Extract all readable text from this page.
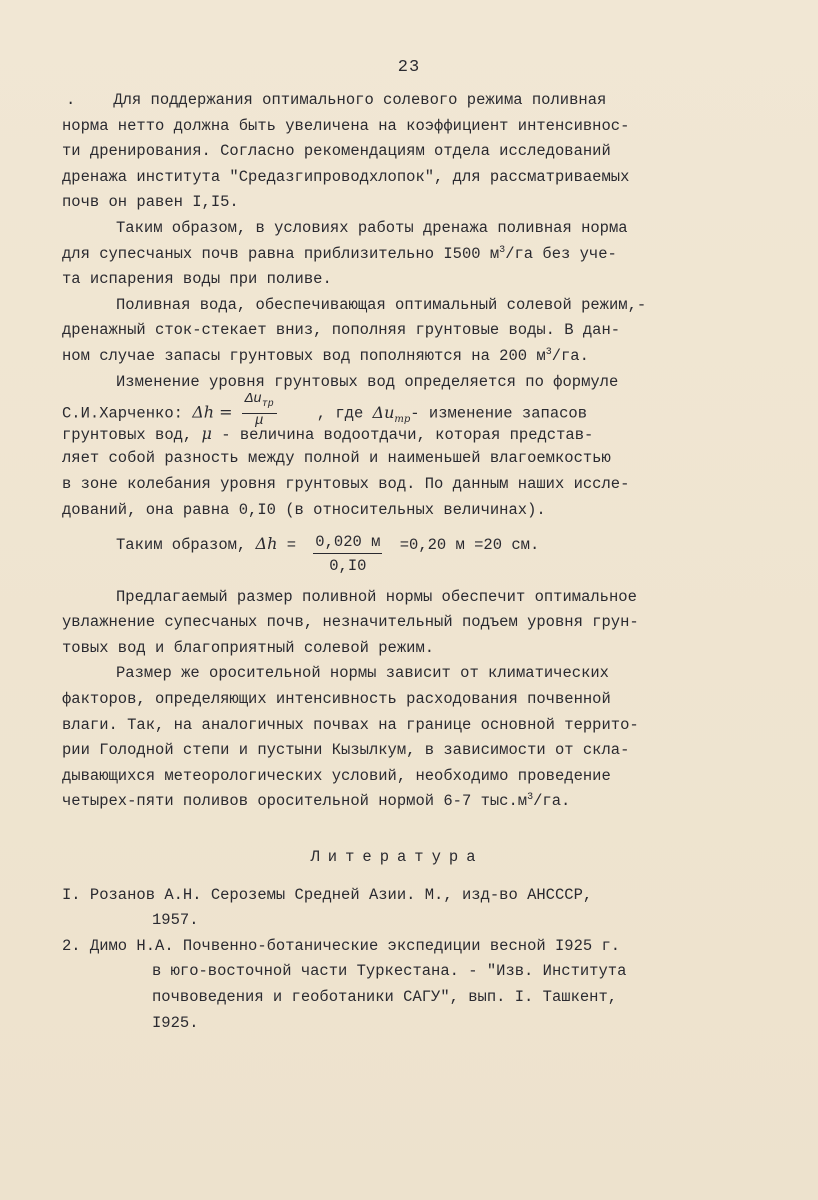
23
. Для поддержания оптимального солевого режима поливная
норма нетто должна быть увеличена на коэффициент интенсивнос-
ти дренирования. Согласно рекомендациям отдела исследований
дренажа института "Средазгипроводхлопок", для рассматриваемых
почв он равен I,I5.
Таким образом, в условиях работы дренажа поливная норма
для супесчаных почв равна приблизительно I500 $м^3/га$ без уче-
та испарения воды при поливе.
Поливная вода, обеспечивающая оптимальный солевой режим,-
дренажный сток-стекает вниз, пополняя грунтовые воды. В дан-
ном случае запасы грунтовых вод пополняются на 200 $м^3/га$.
Изменение уровня грунтовых вод определяется по формуле
С.И.Харченко: $\Delta h = \frac{\Delta u_{тр}}{\mu}$	, где $\Delta u_{тр}-$ изменение запасов
грунтовых вод, μ - величина водоотдачи, которая представ-
ляет собой разность между полной и наименьшей влагоемкостью
в зоне колебания уровня грунтовых вод. По данным наших иссле-
дований, она равна 0,I0 (в относительных величинах).
Таким образом, $\Delta h = \frac{0,020 м}{0,I0} =0,20$ м =20 см.
Предлагаемый размер поливной нормы обеспечит оптимальное
увлажнение супесчаных почв, незначительный подъем уровня грун-
товых вод и благоприятный солевой режим.
Размер же оросительной нормы зависит от климатических
факторов, определяющих интенсивность расходования почвенной
влаги. Так, на аналогичных почвах на границе основной террито-
рии Голодной степи и пустыни Кызылкум, в зависимости от скла-
дывающихся метеорологических условий, необходимо проведение
четырех-пяти поливов оросительной нормой 6-7 $тыс.м^3/га$.
Литература
I. Розанов А.Н. Сероземы Средней Азии. М., изд-во АНСССР,
1957.
2. Димо Н.А. Почвенно-ботанические экспедиции весной I925 г.
в юго-восточной части Туркестана. - "Изв. Института
почвоведения и геоботаники САГУ", вып. I. Ташкент,
I925.
